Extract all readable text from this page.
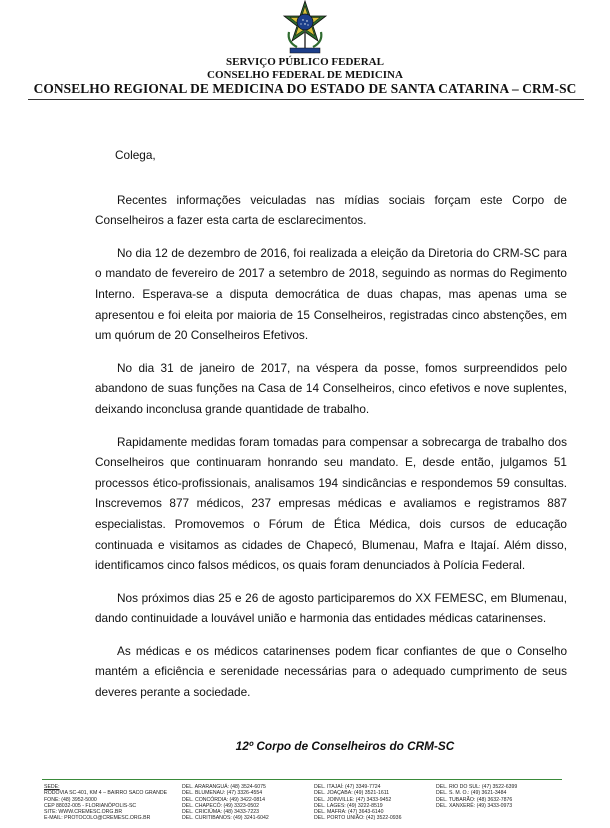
SERVIÇO PÚBLICO FEDERAL
CONSELHO FEDERAL DE MEDICINA
CONSELHO REGIONAL DE MEDICINA DO ESTADO DE SANTA CATARINA – CRM-SC
Colega,

Recentes informações veiculadas nas mídias sociais forçam este Corpo de Conselheiros a fazer esta carta de esclarecimentos.

No dia 12 de dezembro de 2016, foi realizada a eleição da Diretoria do CRM-SC para o mandato de fevereiro de 2017 a setembro de 2018, seguindo as normas do Regimento Interno. Esperava-se a disputa democrática de duas chapas, mas apenas uma se apresentou e foi eleita por maioria de 15 Conselheiros, registradas cinco abstenções, em um quórum de 20 Conselheiros Efetivos.

No dia 31 de janeiro de 2017, na véspera da posse, fomos surpreendidos pelo abandono de suas funções na Casa de 14 Conselheiros, cinco efetivos e nove suplentes, deixando inconclusa grande quantidade de trabalho.

Rapidamente medidas foram tomadas para compensar a sobrecarga de trabalho dos Conselheiros que continuaram honrando seu mandato. E, desde então, julgamos 51 processos ético-profissionais, analisamos 194 sindicâncias e respondemos 59 consultas. Inscrevemos 877 médicos, 237 empresas médicas e avaliamos e registramos 887 especialistas. Promovemos o Fórum de Ética Médica, dois cursos de educação continuada e visitamos as cidades de Chapecó, Blumenau, Mafra e Itajaí. Além disso, identificamos cinco falsos médicos, os quais foram denunciados à Polícia Federal.

Nos próximos dias 25 e 26 de agosto participaremos do XX FEMESC, em Blumenau, dando continuidade a louvável união e harmonia das entidades médicas catarinenses.

As médicas e os médicos catarinenses podem ficar confiantes de que o Conselho mantém a eficiência e serenidade necessárias para o adequado cumprimento de seus deveres perante a sociedade.

12º Corpo de Conselheiros do CRM-SC
SEDE:
RODOVIA SC-401, KM 4 – BAIRRO SACO GRANDE
FONE: (48) 3952-5000
CEP 88032-005 - FLORIANÓPOLIS-SC
SITE: WWW.CREMESC.ORG.BR
E-MAIL: PROTOCOLO@CREMESC.ORG.BR
DEL. ARARANGUÁ: (48) 3524-6075
DEL. BLUMENAU: (47) 3326-4554
DEL. CONCÓRDIA: (49) 3422-0814
DEL. CHAPECÓ: (49) 3323-0502
DEL. CRICIÚMA: (48) 3433-7223
DEL. CURITIBANOS: (49) 3241-6042
DEL. ITAJAÍ: (47) 3349-7724
DEL. JOAÇABA: (49) 3521-1611
DEL. JOINVILLE: (47) 3433-9452
DEL. LAGES: (49) 3222-8519
DEL. MAFRA: (47) 3643-6140
DEL. PORTO UNIÃO: (42) 3522-0936
DEL. RIO DO SUL: (47) 3522-6399
DEL. S. M. O.: (49) 3621-3484
DEL. TUBARÃO: (48) 3632-7876
DEL. XANXERÊ: (49) 3433-0973
